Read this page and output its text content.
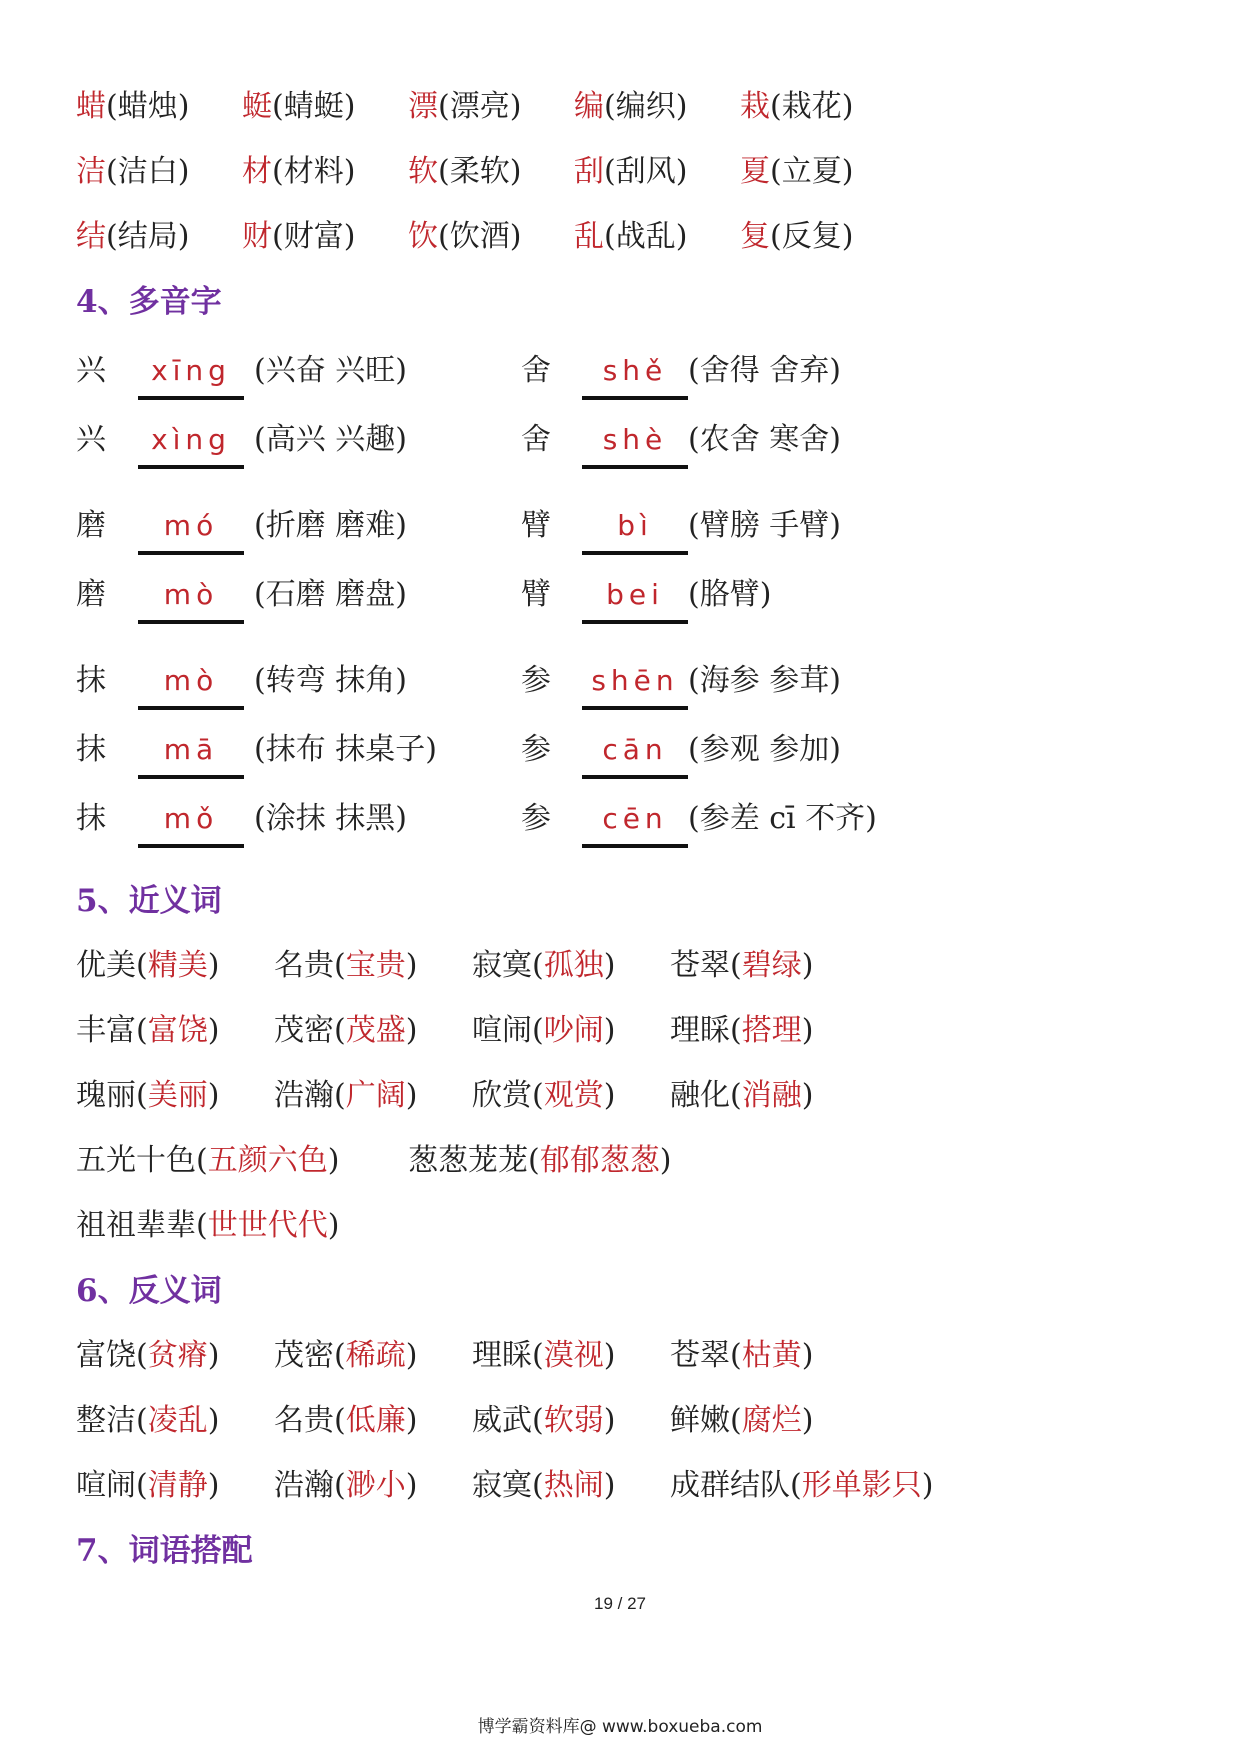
蜡(蜡烛) 蜓(蜻蜓) 漂(漂亮) 编(编织) 栽(栽花)
洁(洁白) 材(材料) 软(柔软) 刮(刮风) 夏(立夏)
结(结局) 财(财富) 饮(饮酒) 乱(战乱) 复(反复)
4、多音字
兴	xīng (兴奋 兴旺)	舍	shě (舍得 舍弃)
兴	xìng (高兴 兴趣)	舍	shè (农舍 寒舍)
磨	mó	(折磨 磨难)	臂	bì	(臂膀 手臂)
磨	mò	(石磨 磨盘)	臂	bei (胳臂)
抹	mò	(转弯 抹角)	参	shēn (海参 参茸)
抹	mā	(抹布 抹桌子)	参	cān (参观 参加)
抹	mǒ	(涂抹 抹黑)	参	cēn (参差 cī 不齐)
5、近义词
优美(精美) 名贵(宝贵) 寂寞(孤独) 苍翠(碧绿)
丰富(富饶) 茂密(茂盛) 喧闹(吵闹) 理睬(搭理)
瑰丽(美丽) 浩瀚(广阔) 欣赏(观赏) 融化(消融)
五光十色(五颜六色) 葱葱茏茏(郁郁葱葱)
祖祖辈辈(世世代代)
6、反义词
富饶(贫瘠) 茂密(稀疏) 理睬(漠视) 苍翠(枯黄)
整洁(凌乱) 名贵(低廉) 威武(软弱) 鲜嫩(腐烂)
喧闹(清静) 浩瀚(渺小) 寂寞(热闹) 成群结队(形单影只)
7、词语搭配
19 / 27
博学霸资料库@ www.boxueba.com
